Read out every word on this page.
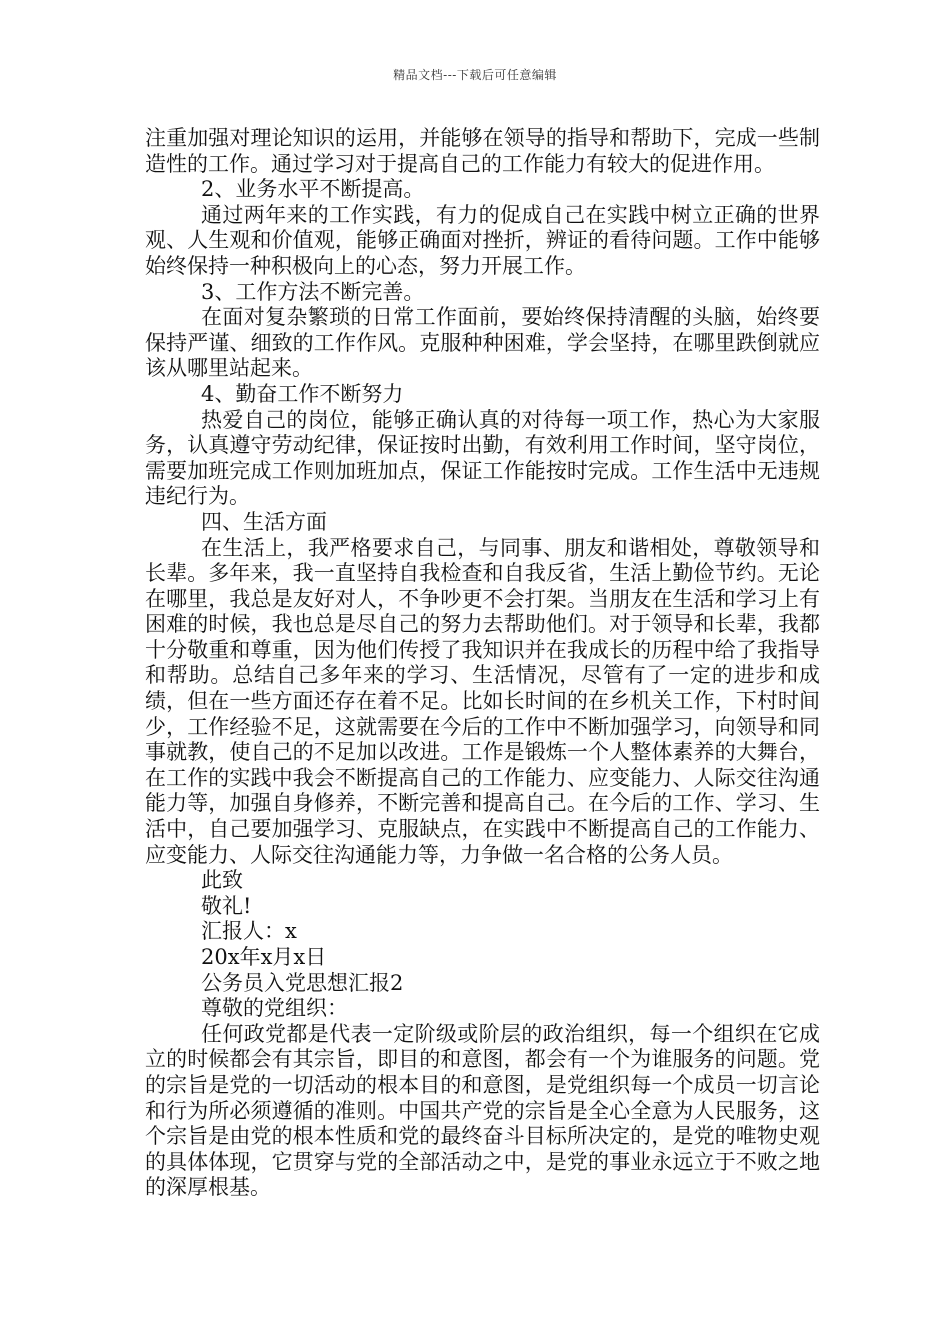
精品文档---下载后可任意编辑

注重加强对理论知识的运用，并能够在领导的指导和帮助下，完成一些制造性的工作。通过学习对于提高自己的工作能力有较大的促进作用。

2、业务水平不断提高。

通过两年来的工作实践，有力的促成自己在实践中树立正确的世界观、人生观和价值观，能够正确面对挫折，辨证的看待问题。工作中能够始终保持一种积极向上的心态，努力开展工作。

3、工作方法不断完善。

在面对复杂繁琐的日常工作面前，要始终保持清醒的头脑，始终要保持严谨、细致的工作作风。克服种种困难，学会坚持，在哪里跌倒就应该从哪里站起来。

4、勤奋工作不断努力

热爱自己的岗位，能够正确认真的对待每一项工作，热心为大家服务，认真遵守劳动纪律，保证按时出勤，有效利用工作时间，坚守岗位，需要加班完成工作则加班加点，保证工作能按时完成。工作生活中无违规违纪行为。

四、生活方面

在生活上，我严格要求自己，与同事、朋友和谐相处，尊敬领导和长辈。多年来，我一直坚持自我检查和自我反省，生活上勤俭节约。无论在哪里，我总是友好对人，不争吵更不会打架。当朋友在生活和学习上有困难的时候，我也总是尽自己的努力去帮助他们。对于领导和长辈，我都十分敬重和尊重，因为他们传授了我知识并在我成长的历程中给了我指导和帮助。总结自己多年来的学习、生活情况，尽管有了一定的进步和成绩，但在一些方面还存在着不足。比如长时间的在乡机关工作，下村时间少，工作经验不足，这就需要在今后的工作中不断加强学习，向领导和同事就教，使自己的不足加以改进。工作是锻炼一个人整体素养的大舞台，在工作的实践中我会不断提高自己的工作能力、应变能力、人际交往沟通能力等，加强自身修养，不断完善和提高自己。在今后的工作、学习、生活中，自己要加强学习、克服缺点，在实践中不断提高自己的工作能力、应变能力、人际交往沟通能力等，力争做一名合格的公务人员。

此致

敬礼!

汇报人：x

20x年x月x日

公务员入党思想汇报2

尊敬的党组织：

任何政党都是代表一定阶级或阶层的政治组织，每一个组织在它成立的时候都会有其宗旨，即目的和意图，都会有一个为谁服务的问题。党的宗旨是党的一切活动的根本目的和意图，是党组织每一个成员一切言论和行为所必须遵循的准则。中国共产党的宗旨是全心全意为人民服务，这个宗旨是由党的根本性质和党的最终奋斗目标所决定的，是党的唯物史观的具体体现，它贯穿与党的全部活动之中，是党的事业永远立于不败之地的深厚根基。
